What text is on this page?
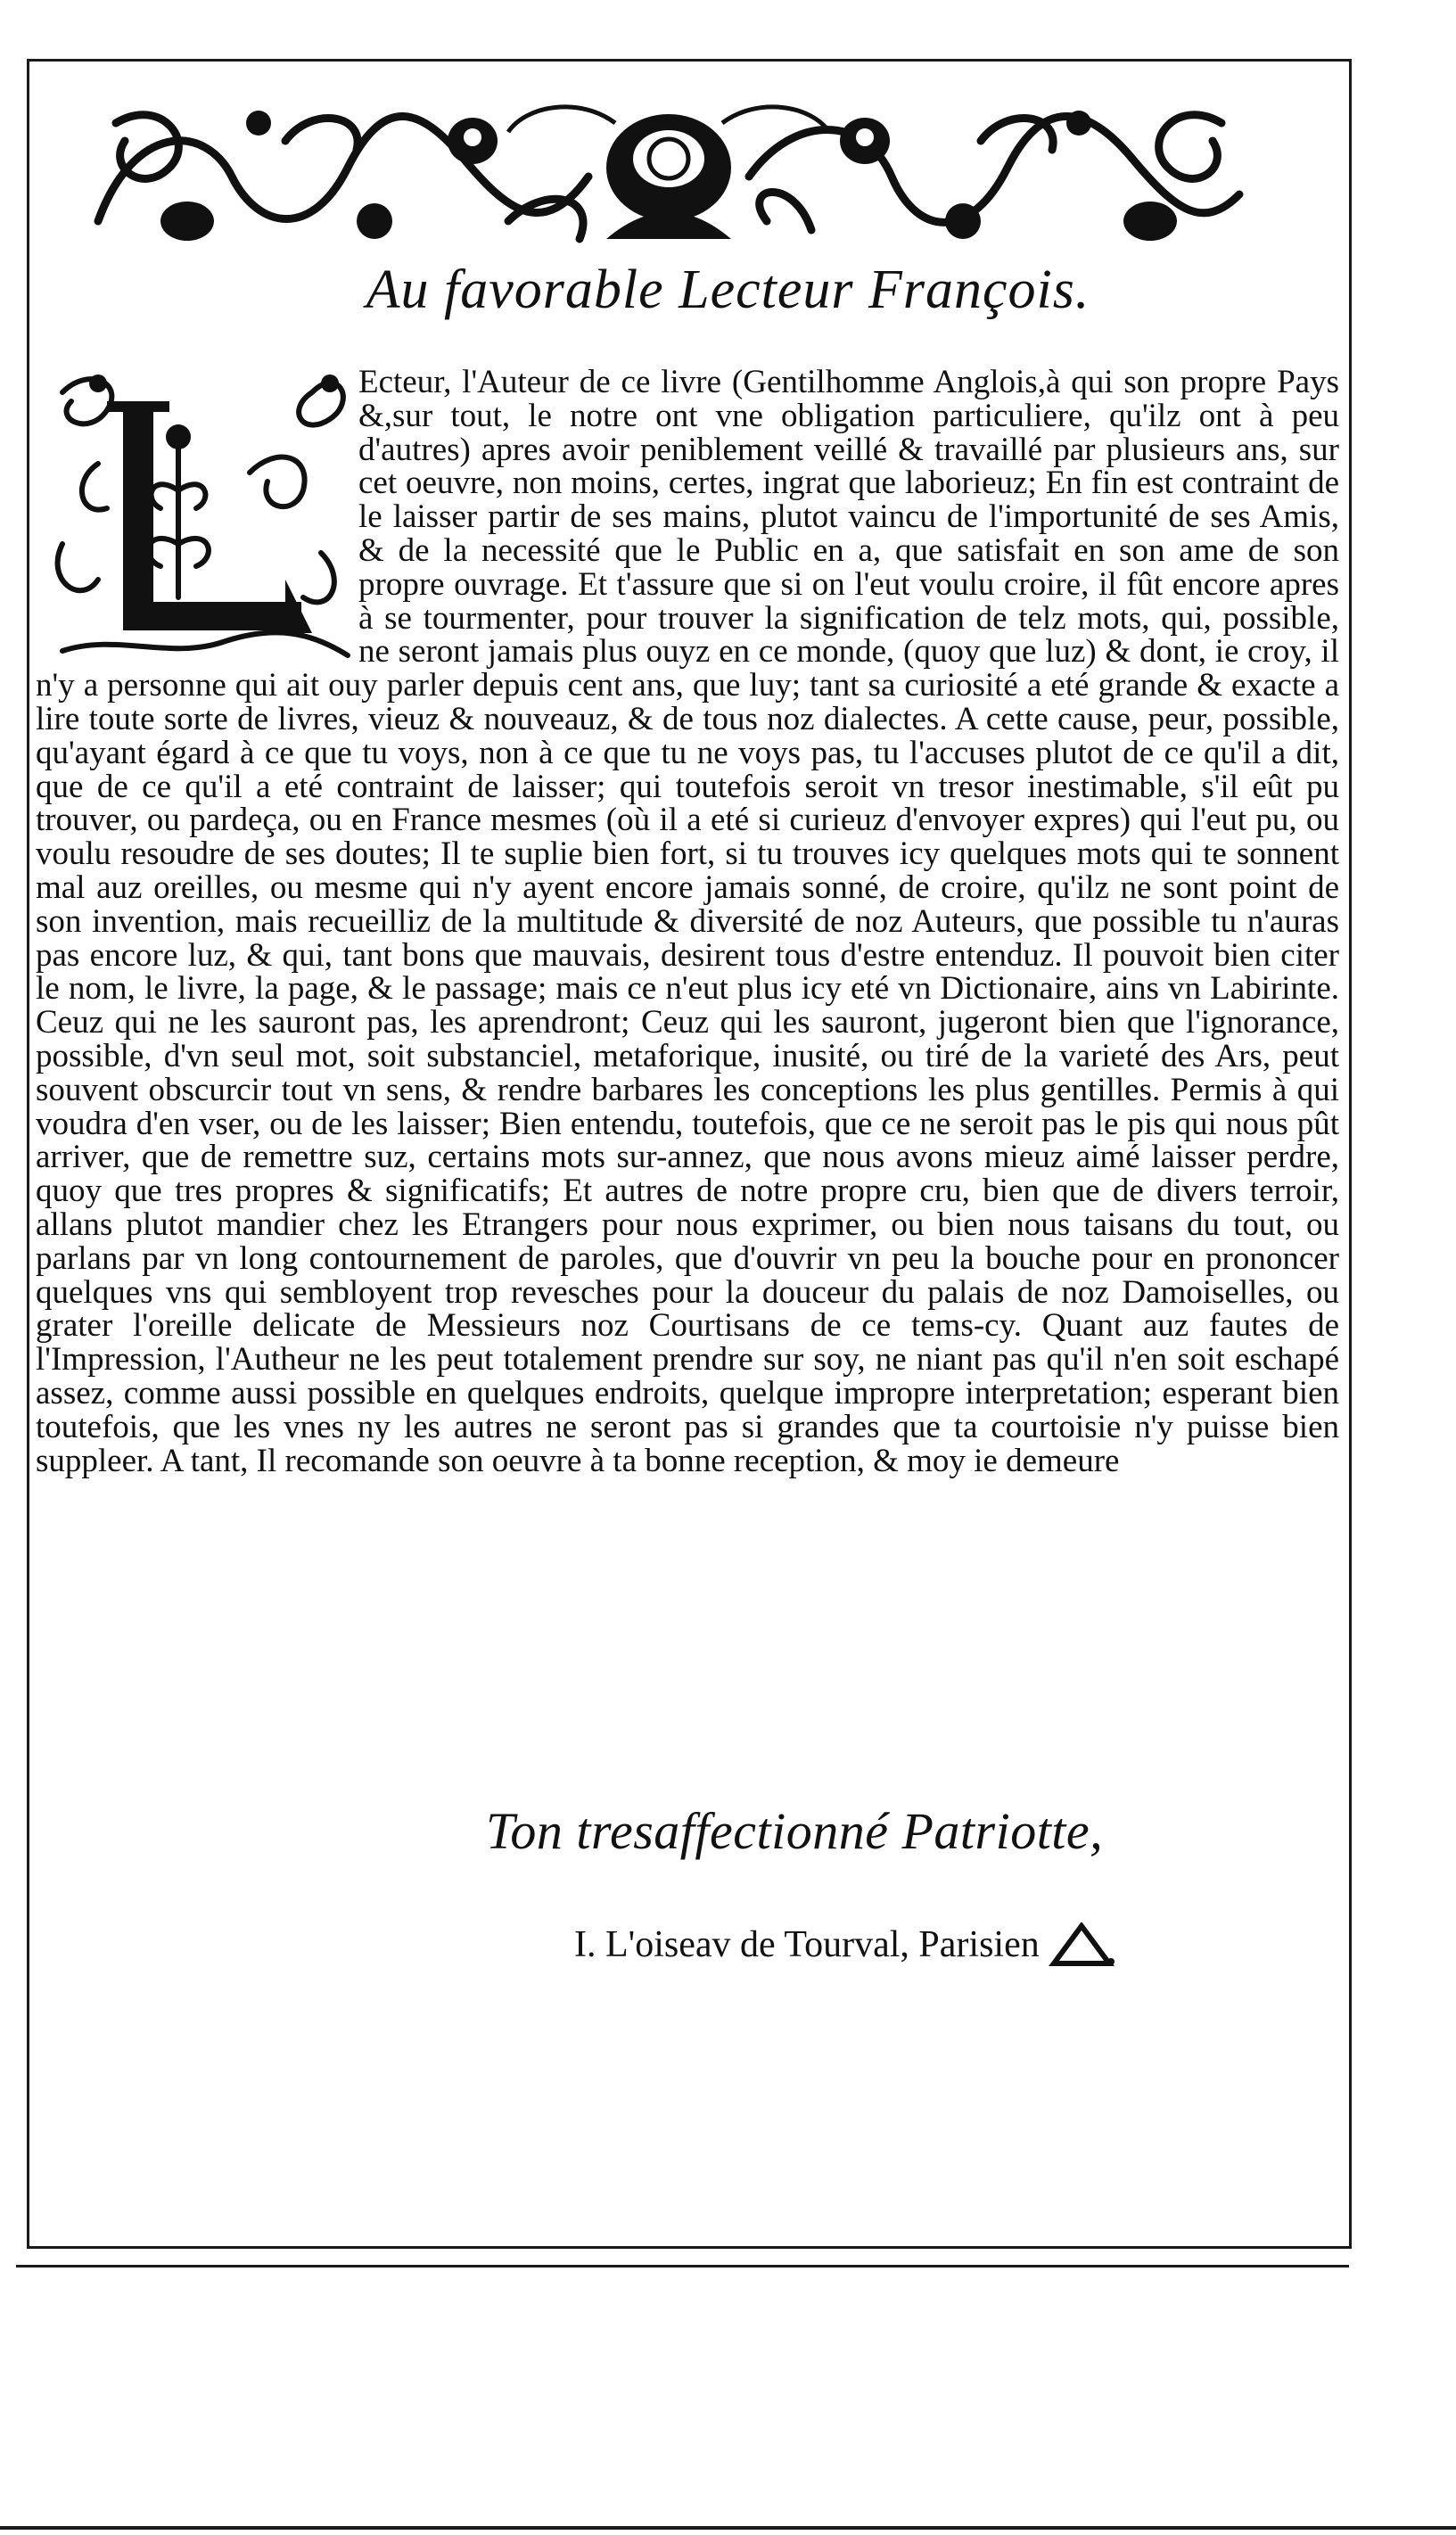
Au favorable Lecteur François.
Ecteur, l'Auteur de ce livre (Gentilhomme Anglois,à qui son propre Pays &,sur tout, le notre ont vne obligation particuliere, qu'ilz ont à peu d'autres) apres avoir peniblement veillé & travaillé par plusieurs ans, sur cet oeuvre, non moins, certes, ingrat que laborieuz; En fin est contraint de le laisser partir de ses mains, plutot vaincu de l'importunité de ses Amis, & de la necessité que le Public en a, que satisfait en son ame de son propre ouvrage. Et t'assure que si on l'eut voulu croire, il fût encore apres à se tourmenter, pour trouver la signification de telz mots, qui, possible, ne seront jamais plus ouyz en ce monde, (quoy que luz) & dont, ie croy, il n'y a personne qui ait ouy parler depuis cent ans, que luy; tant sa curiosité a eté grande & exacte a lire toute sorte de livres, vieuz & nouveauz, & de tous noz dialectes. A cette cause, peur, possible, qu'ayant égard à ce que tu voys, non à ce que tu ne voys pas, tu l'accuses plutot de ce qu'il a dit, que de ce qu'il a eté contraint de laisser; qui toutefois seroit vn tresor inestimable, s'il eût pu trouver, ou pardeça, ou en France mesmes (où il a eté si curieuz d'envoyer expres) qui l'eut pu, ou voulu resoudre de ses doutes; Il te suplie bien fort, si tu trouves icy quelques mots qui te sonnent mal auz oreilles, ou mesme qui n'y ayent encore jamais sonné, de croire, qu'ilz ne sont point de son invention, mais recueilliz de la multitude & diversité de noz Auteurs, que possible tu n'auras pas encore luz, & qui, tant bons que mauvais, desirent tous d'estre entenduz. Il pouvoit bien citer le nom, le livre, la page, & le passage; mais ce n'eut plus icy eté vn Dictionaire, ains vn Labirinte. Ceuz qui ne les sauront pas, les aprendront; Ceuz qui les sauront, jugeront bien que l'ignorance, possible, d'vn seul mot, soit substanciel, metaforique, inusité, ou tiré de la varieté des Ars, peut souvent obscurcir tout vn sens, & rendre barbares les conceptions les plus gentilles. Permis à qui voudra d'en vser, ou de les laisser; Bien entendu, toutefois, que ce ne seroit pas le pis qui nous pût arriver, que de remettre suz, certains mots sur-annez, que nous avons mieuz aimé laisser perdre, quoy que tres propres & significatifs; Et autres de notre propre cru, bien que de divers terroir, allans plutot mandier chez les Etrangers pour nous exprimer, ou bien nous taisans du tout, ou parlans par vn long contournement de paroles, que d'ouvrir vn peu la bouche pour en prononcer quelques vns qui sembloyent trop revesches pour la douceur du palais de noz Damoiselles, ou grater l'oreille delicate de Messieurs noz Courtisans de ce tems-cy. Quant auz fautes de l'Impression, l'Autheur ne les peut totalement prendre sur soy, ne niant pas qu'il n'en soit eschapé assez, comme aussi possible en quelques endroits, quelque impropre interpretation; esperant bien toutefois, que les vnes ny les autres ne seront pas si grandes que ta courtoisie n'y puisse bien suppleer. A tant, Il recomande son oeuvre à ta bonne reception, & moy ie demeure
Ton tresaffectionné Patriotte,
I. L'oiseav de Tourval, Parisien
